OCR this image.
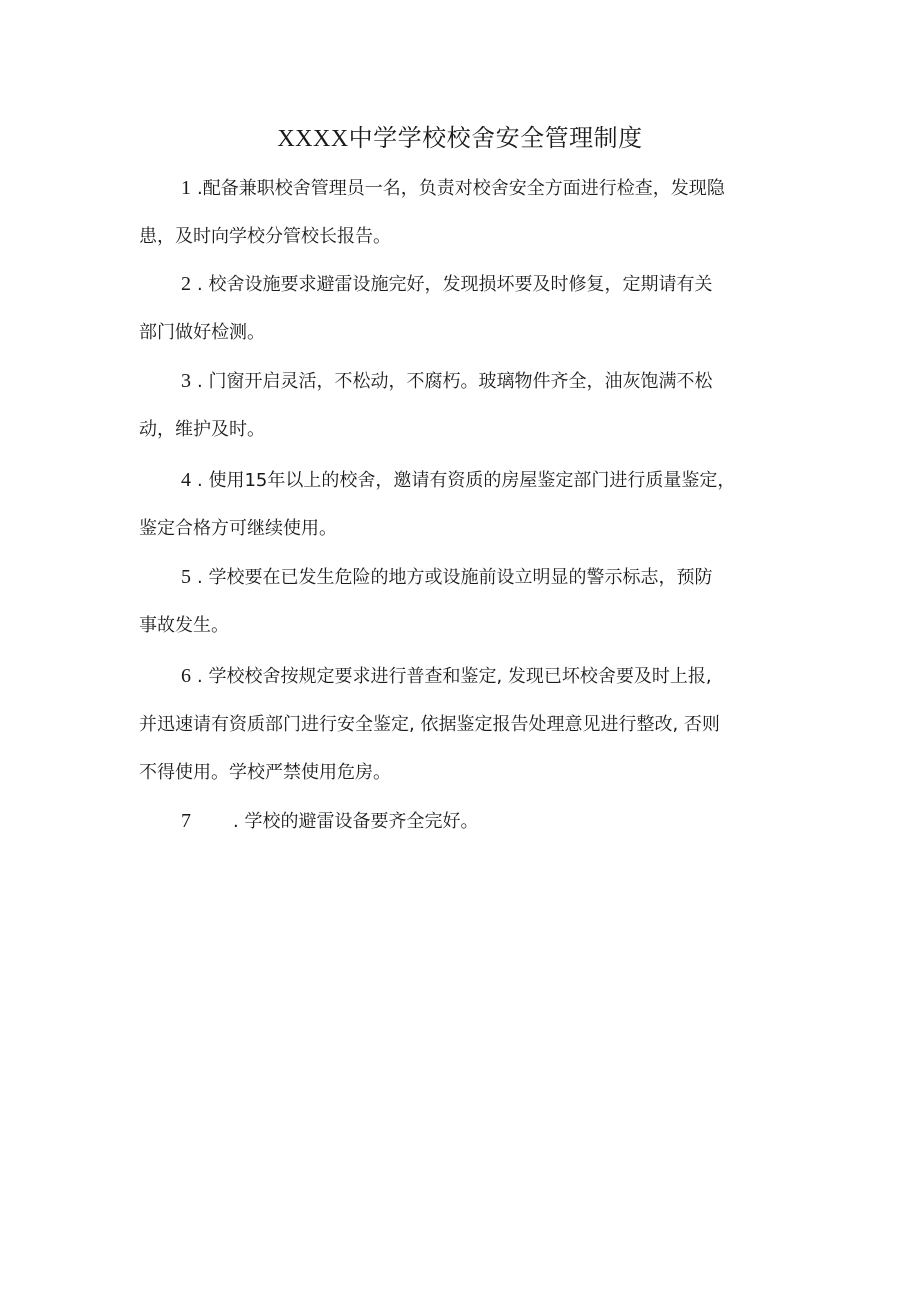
XXXX中学学校校舍安全管理制度
1 .配备兼职校舍管理员一名，负责对校舍安全方面进行检查，发现隐
患，及时向学校分管校长报告。
2 . 校舍设施要求避雷设施完好，发现损坏要及时修复，定期请有关
部门做好检测。
3 . 门窗开启灵活，不松动，不腐朽。玻璃物件齐全，油灰饱满不松
动，维护及时。
4 . 使用15年以上的校舍，邀请有资质的房屋鉴定部门进行质量鉴定，
鉴定合格方可继续使用。
5 . 学校要在已发生危险的地方或设施前设立明显的警示标志，预防
事故发生。
6 . 学校校舍按规定要求进行普查和鉴定, 发现已坏校舍要及时上报,
并迅速请有资质部门进行安全鉴定, 依据鉴定报告处理意见进行整改, 否则
不得使用。学校严禁使用危房。
7 . 学校的避雷设备要齐全完好。
